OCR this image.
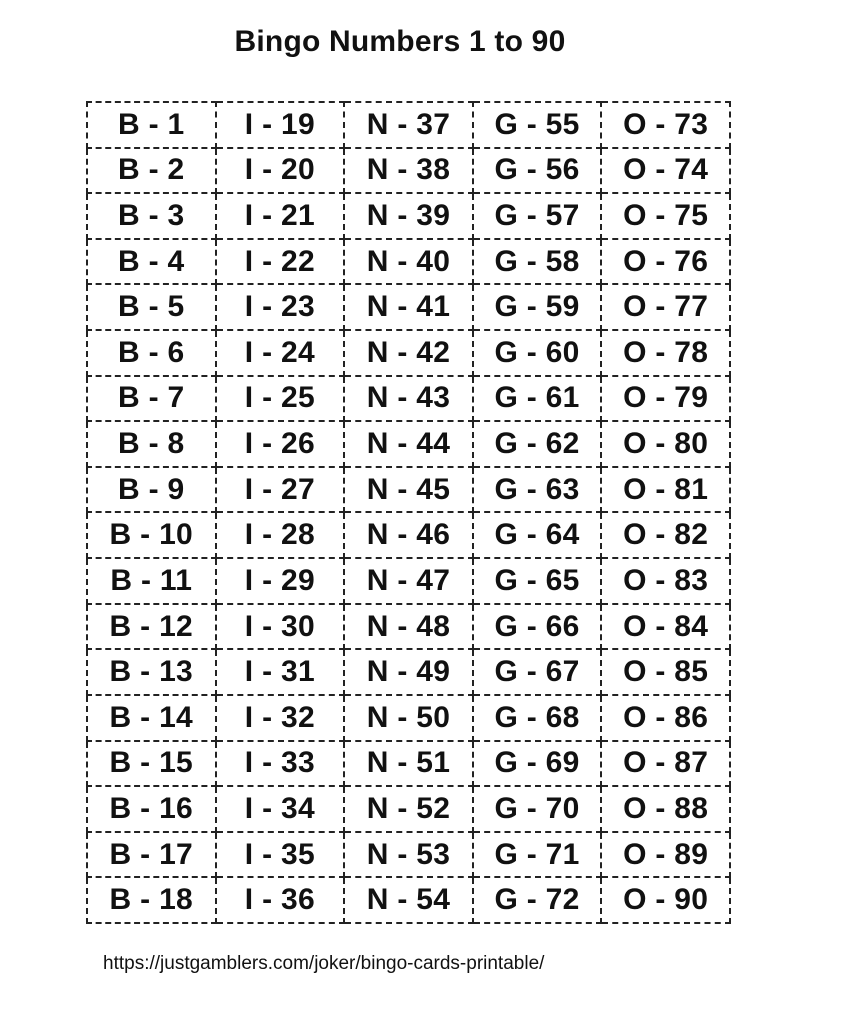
Bingo Numbers 1 to 90
B - 1	I - 19	N - 37	G - 55	O - 73
B - 2	I - 20	N - 38	G - 56	O - 74
B - 3	I - 21	N - 39	G - 57	O - 75
B - 4	I - 22	N - 40	G - 58	O - 76
B - 5	I - 23	N - 41	G - 59	O - 77
B - 6	I - 24	N - 42	G - 60	O - 78
B - 7	I - 25	N - 43	G - 61	O - 79
B - 8	I - 26	N - 44	G - 62	O - 80
B - 9	I - 27	N - 45	G - 63	O - 81
B - 10	I - 28	N - 46	G - 64	O - 82
B - 11	I - 29	N - 47	G - 65	O - 83
B - 12	I - 30	N - 48	G - 66	O - 84
B - 13	I - 31	N - 49	G - 67	O - 85
B - 14	I - 32	N - 50	G - 68	O - 86
B - 15	I - 33	N - 51	G - 69	O - 87
B - 16	I - 34	N - 52	G - 70	O - 88
B - 17	I - 35	N - 53	G - 71	O - 89
B - 18	I - 36	N - 54	G - 72	O - 90
https://justgamblers.com/joker/bingo-cards-printable/
